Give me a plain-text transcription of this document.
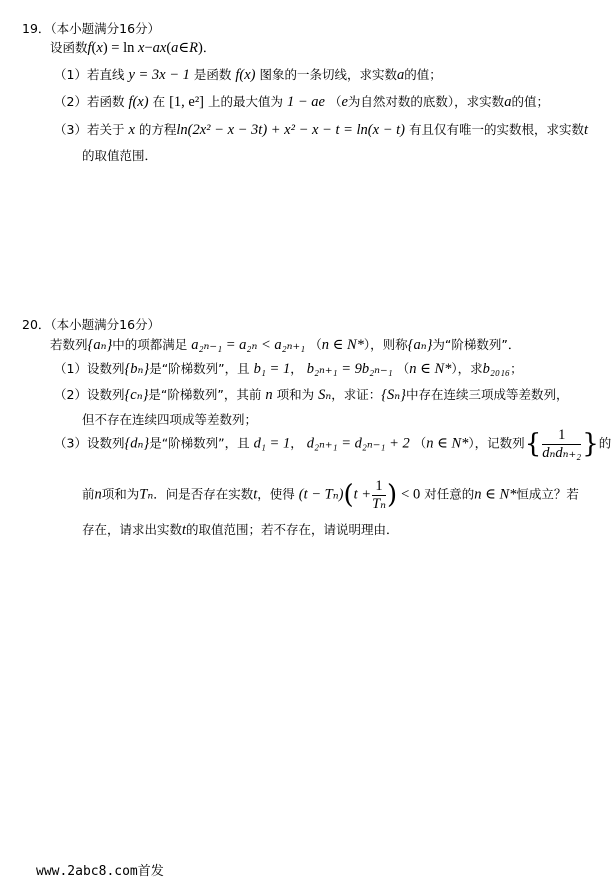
19．（本小题满分16分）
设函数f(x) = ln x−ax(a∈R)．
（1）若直线 y = 3x − 1 是函数 f(x) 图象的一条切线，求实数a的值；
（2）若函数 f(x) 在 [1, e²] 上的最大值为 1 − ae （e为自然对数的底数），求实数a的值；
（3）若关于 x 的方程ln(2x² − x − 3t) + x² − x − t = ln(x − t) 有且仅有唯一的实数根，求实数t
的取值范围．
20．（本小题满分16分）
若数列{aₙ}中的项都满足 a₂ₙ₋₁ = a₂ₙ < a₂ₙ₊₁ （n ∈ N*），则称{aₙ}为“阶梯数列”．
（1）设数列{bₙ}是“阶梯数列”，且 b₁ = 1， b₂ₙ₊₁ = 9b₂ₙ₋₁ （n ∈ N*），求b₂₀₁₆；
（2）设数列{cₙ}是“阶梯数列”，其前 n 项和为 Sₙ，求证：{Sₙ}中存在连续三项成等差数列，
但不存在连续四项成等差数列；
（3）设数列{dₙ}是“阶梯数列”，且 d₁ = 1， d₂ₙ₊₁ = d₂ₙ₋₁ + 2 （n ∈ N*），记数列{ $\frac{1}{\text{dₙdₙ₊₂}}$ }的
前n项和为Tₙ．问是否存在实数t，使得 $(t - T_n)(t + \frac{1}{\text{Tₙ}}$ ) < 0 对任意的n ∈ N*恒成立？若
存在，请求出实数t的取值范围；若不存在，请说明理由．
www.2abc8.com首发
